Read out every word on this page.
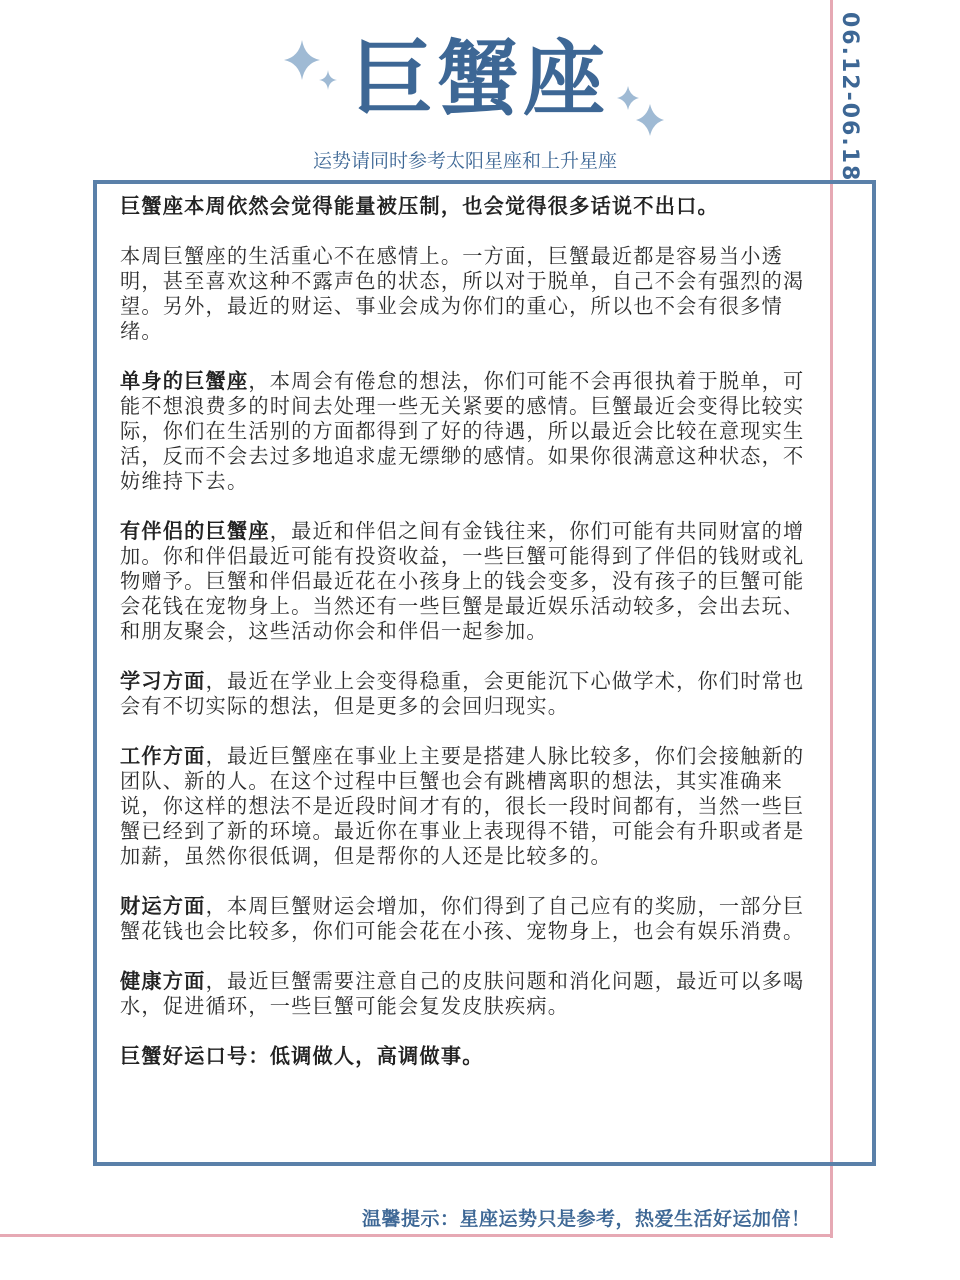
06.12-06.18
巨蟹座
运势请同时参考太阳星座和上升星座

巨蟹座本周依然会觉得能量被压制，也会觉得很多话说不出口。

本周巨蟹座的生活重心不在感情上。一方面，巨蟹最近都是容易当小透明，甚至喜欢这种不露声色的状态，所以对于脱单，自己不会有强烈的渴望。另外，最近的财运、事业会成为你们的重心，所以也不会有很多情绪。

单身的巨蟹座，本周会有倦怠的想法，你们可能不会再很执着于脱单，可能不想浪费多的时间去处理一些无关紧要的感情。巨蟹最近会变得比较实际，你们在生活别的方面都得到了好的待遇，所以最近会比较在意现实生活，反而不会去过多地追求虚无缥缈的感情。如果你很满意这种状态，不妨维持下去。

有伴侣的巨蟹座，最近和伴侣之间有金钱往来，你们可能有共同财富的增加。你和伴侣最近可能有投资收益，一些巨蟹可能得到了伴侣的钱财或礼物赠予。巨蟹和伴侣最近花在小孩身上的钱会变多，没有孩子的巨蟹可能会花钱在宠物身上。当然还有一些巨蟹是最近娱乐活动较多，会出去玩、和朋友聚会，这些活动你会和伴侣一起参加。

学习方面，最近在学业上会变得稳重，会更能沉下心做学术，你们时常也会有不切实际的想法，但是更多的会回归现实。

工作方面，最近巨蟹座在事业上主要是搭建人脉比较多，你们会接触新的团队、新的人。在这个过程中巨蟹也会有跳槽离职的想法，其实准确来说，你这样的想法不是近段时间才有的，很长一段时间都有，当然一些巨蟹已经到了新的环境。最近你在事业上表现得不错，可能会有升职或者是加薪，虽然你很低调，但是帮你的人还是比较多的。

财运方面，本周巨蟹财运会增加，你们得到了自己应有的奖励，一部分巨蟹花钱也会比较多，你们可能会花在小孩、宠物身上，也会有娱乐消费。

健康方面，最近巨蟹需要注意自己的皮肤问题和消化问题，最近可以多喝水，促进循环，一些巨蟹可能会复发皮肤疾病。

巨蟹好运口号：低调做人，高调做事。

温馨提示：星座运势只是参考，热爱生活好运加倍！
